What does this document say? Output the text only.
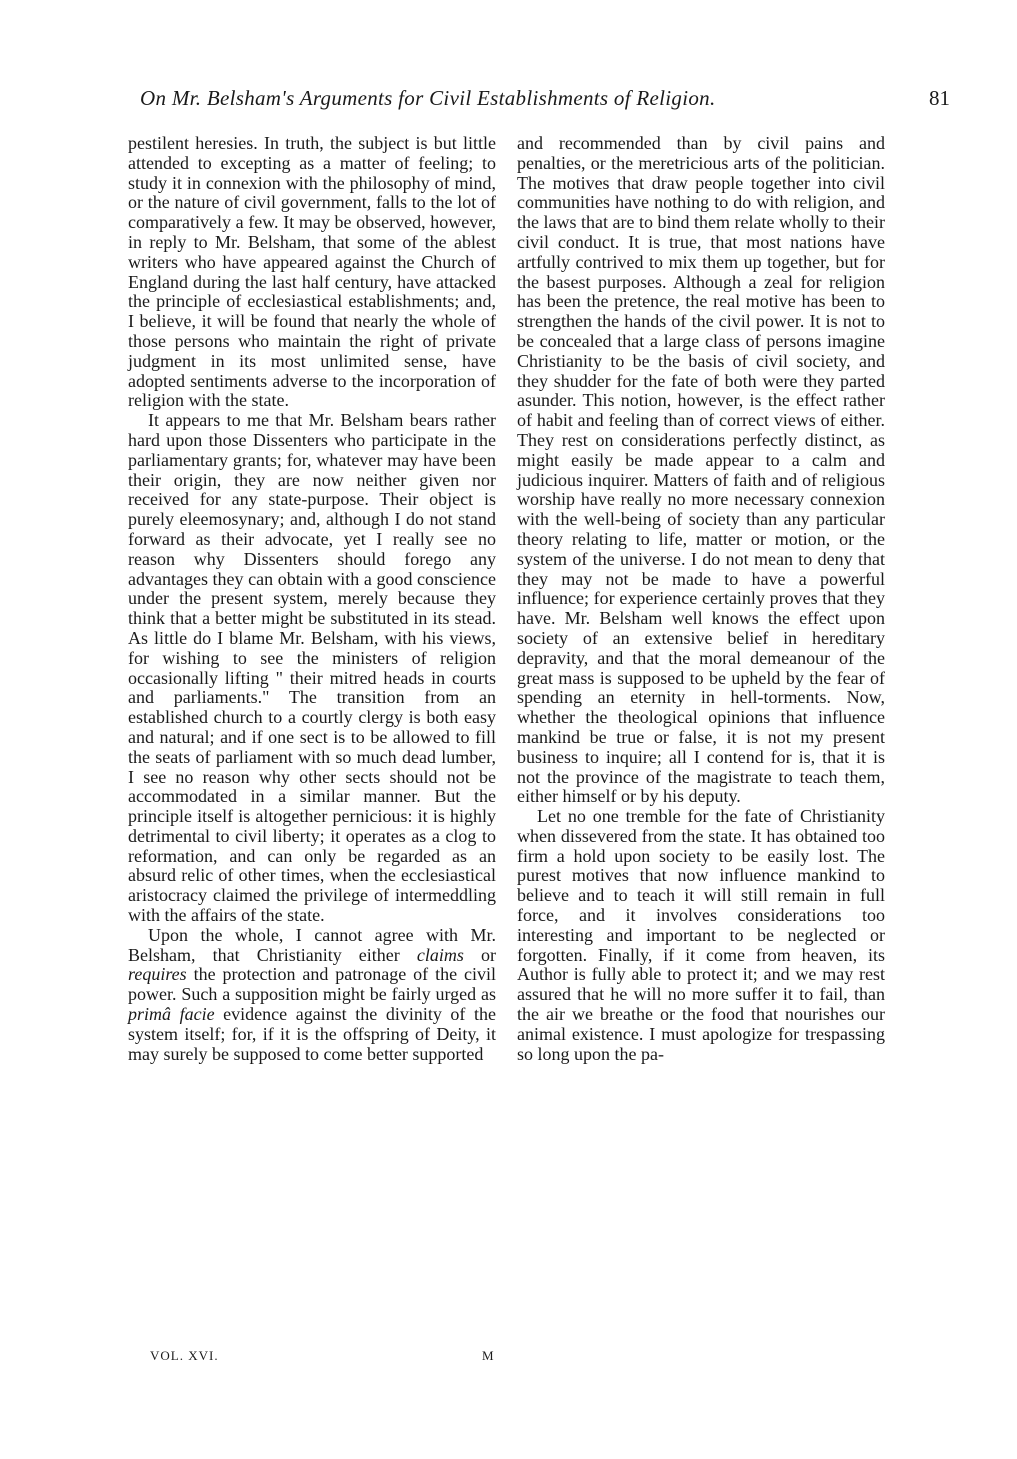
On Mr. Belsham's Arguments for Civil Establishments of Religion.	81

pestilent heresies. In truth, the subject is but little attended to excepting as a matter of feeling; to study it in connexion with the philosophy of mind, or the nature of civil government, falls to the lot of comparatively a few. It may be observed, however, in reply to Mr. Belsham, that some of the ablest writers who have appeared against the Church of England during the last half century, have attacked the principle of ecclesiastical establishments; and, I believe, it will be found that nearly the whole of those persons who maintain the right of private judgment in its most unlimited sense, have adopted sentiments adverse to the incorporation of religion with the state.

It appears to me that Mr. Belsham bears rather hard upon those Dissenters who participate in the parliamentary grants; for, whatever may have been their origin, they are now neither given nor received for any state-purpose. Their object is purely eleemosynary; and, although I do not stand forward as their advocate, yet I really see no reason why Dissenters should forego any advantages they can obtain with a good conscience under the present system, merely because they think that a better might be substituted in its stead. As little do I blame Mr. Belsham, with his views, for wishing to see the ministers of religion occasionally lifting " their mitred heads in courts and parliaments." The transition from an established church to a courtly clergy is both easy and natural; and if one sect is to be allowed to fill the seats of parliament with so much dead lumber, I see no reason why other sects should not be accommodated in a similar manner. But the principle itself is altogether pernicious: it is highly detrimental to civil liberty; it operates as a clog to reformation, and can only be regarded as an absurd relic of other times, when the ecclesiastical aristocracy claimed the privilege of intermeddling with the affairs of the state.

Upon the whole, I cannot agree with Mr. Belsham, that Christianity either claims or requires the protection and patronage of the civil power. Such a supposition might be fairly urged as primâ facie evidence against the divinity of the system itself; for, if it is the offspring of Deity, it may surely be supposed to come better supported

and recommended than by civil pains and penalties, or the meretricious arts of the politician. The motives that draw people together into civil communities have nothing to do with religion, and the laws that are to bind them relate wholly to their civil conduct. It is true, that most nations have artfully contrived to mix them up together, but for the basest purposes. Although a zeal for religion has been the pretence, the real motive has been to strengthen the hands of the civil power. It is not to be concealed that a large class of persons imagine Christianity to be the basis of civil society, and they shudder for the fate of both were they parted asunder. This notion, however, is the effect rather of habit and feeling than of correct views of either. They rest on considerations perfectly distinct, as might easily be made appear to a calm and judicious inquirer. Matters of faith and of religious worship have really no more necessary connexion with the well-being of society than any particular theory relating to life, matter or motion, or the system of the universe. I do not mean to deny that they may not be made to have a powerful influence; for experience certainly proves that they have. Mr. Belsham well knows the effect upon society of an extensive belief in hereditary depravity, and that the moral demeanour of the great mass is supposed to be upheld by the fear of spending an eternity in hell-torments. Now, whether the theological opinions that influence mankind be true or false, it is not my present business to inquire; all I contend for is, that it is not the province of the magistrate to teach them, either himself or by his deputy.

Let no one tremble for the fate of Christianity when dissevered from the state. It has obtained too firm a hold upon society to be easily lost. The purest motives that now influence mankind to believe and to teach it will still remain in full force, and it involves considerations too interesting and important to be neglected or forgotten. Finally, if it come from heaven, its Author is fully able to protect it; and we may rest assured that he will no more suffer it to fail, than the air we breathe or the food that nourishes our animal existence. I must apologize for trespassing so long upon the pa-

VOL. XVI.	M
